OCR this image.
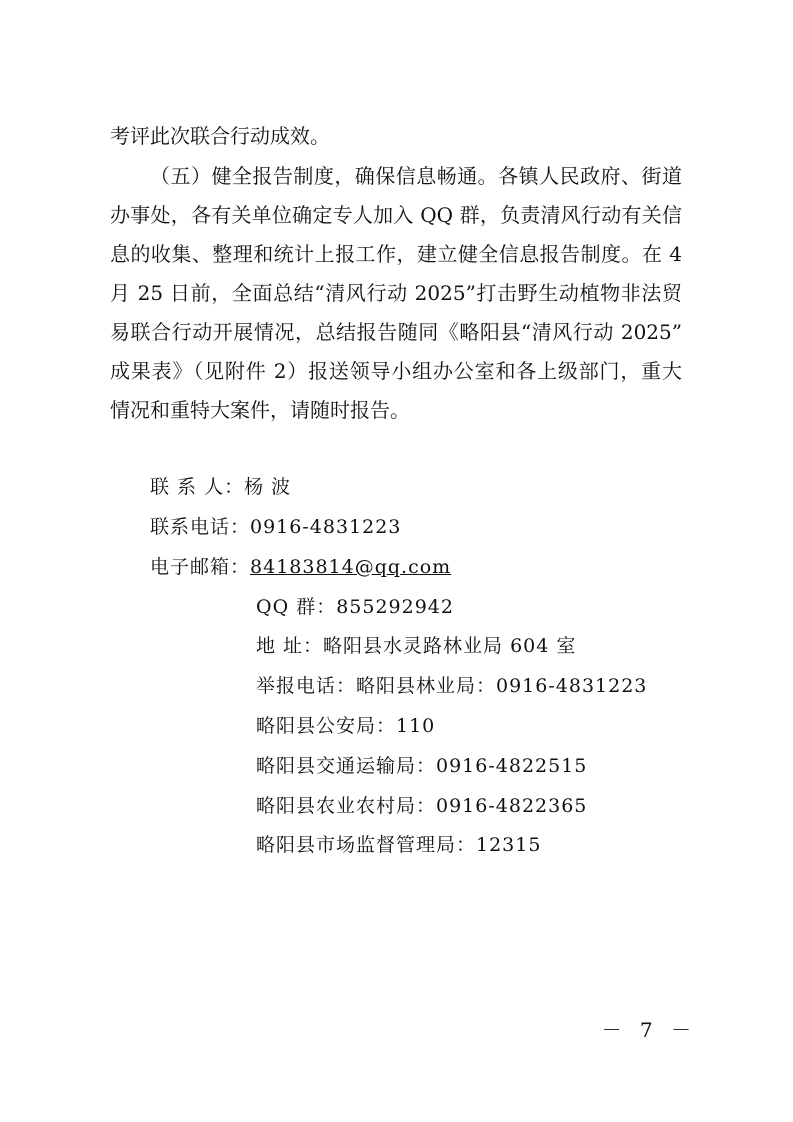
考评此次联合行动成效。
（五）健全报告制度，确保信息畅通。各镇人民政府、街道
办事处，各有关单位确定专人加入 QQ 群，负责清风行动有关信
息的收集、整理和统计上报工作，建立健全信息报告制度。在 4
月 25 日前，全面总结“清风行动 2025”打击野生动植物非法贸
易联合行动开展情况，总结报告随同《略阳县“清风行动 2025”
成果表》（见附件 2）报送领导小组办公室和各上级部门，重大
情况和重特大案件，请随时报告。
联 系 人：杨 波
联系电话：0916-4831223
电子邮箱：84183814@qq.com
QQ 群：855292942
地 址：略阳县水灵路林业局 604 室
举报电话：略阳县林业局：0916-4831223
略阳县公安局：110
略阳县交通运输局：0916-4822515
略阳县农业农村局：0916-4822365
略阳县市场监督管理局：12315
－ 7 －
